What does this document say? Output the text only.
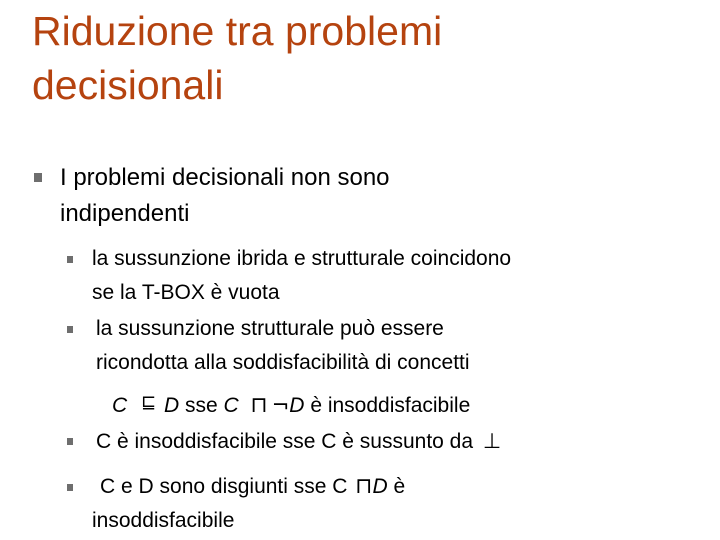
Riduzione tra problemi
decisionali
I problemi decisionali non sono
indipendenti
la sussunzione ibrida e strutturale coincidono
se la T-BOX è vuota
la sussunzione strutturale può essere
ricondotta alla soddisfacibilità di concetti
C ⊑ D sse C ⊓ ¬D è insoddisfacibile
C è insoddisfacibile sse C è sussunto da ⊥
C e D sono disgiunti sse C ⊓D è
insoddisfacibile
